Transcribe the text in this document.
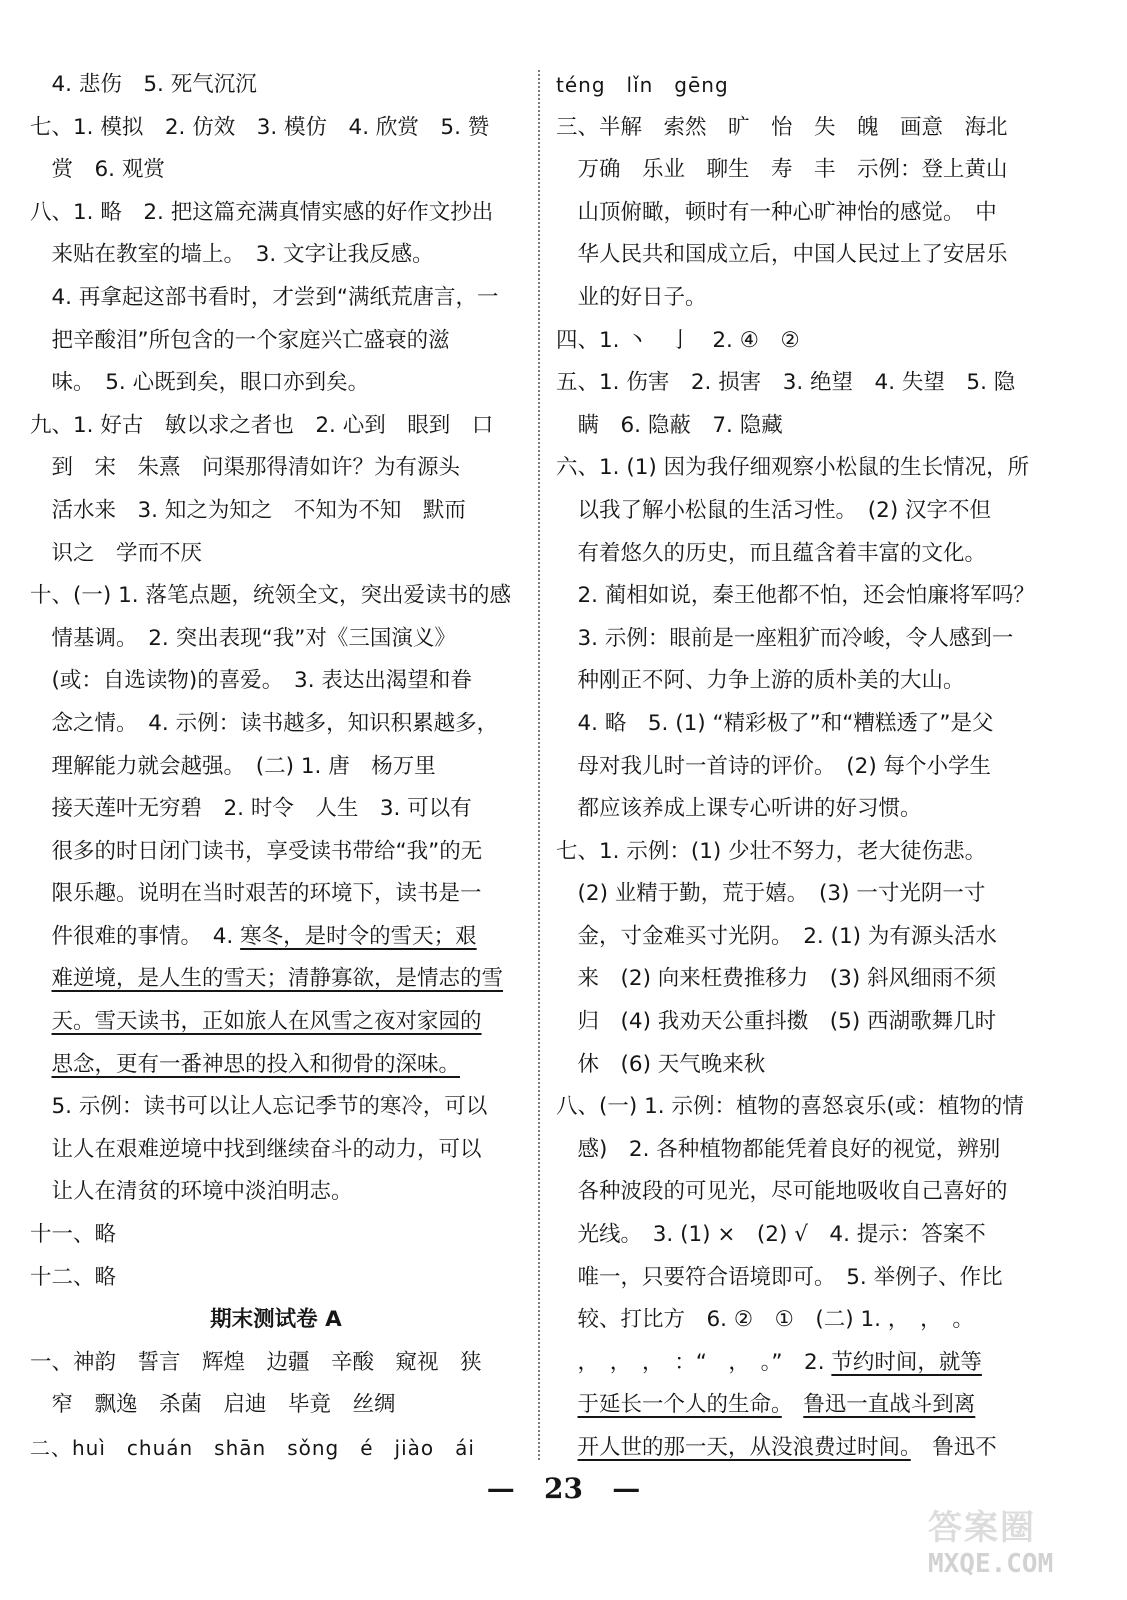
　4. 悲伤　5. 死气沉沉
七、1. 模拟　2. 仿效　3. 模仿　4. 欣赏　5. 赞
　赏　6. 观赏
八、1. 略　2. 把这篇充满真情实感的好作文抄出
　来贴在教室的墙上。　3. 文字让我反感。
　4. 再拿起这部书看时，才尝到“满纸荒唐言，一
　把辛酸泪”所包含的一个家庭兴亡盛衰的滋
　味。　5. 心既到矣，眼口亦到矣。
九、1. 好古　敏以求之者也　2. 心到　眼到　口
　到　宋　朱熹　问渠那得清如许？为有源头
　活水来　3. 知之为知之　不知为不知　默而
　识之　学而不厌
十、(一) 1. 落笔点题，统领全文，突出爱读书的感
　情基调。　2. 突出表现“我”对《三国演义》
　(或：自选读物)的喜爱。　3. 表达出渴望和眷
　念之情。　4. 示例：读书越多，知识积累越多，
　理解能力就会越强。　(二) 1. 唐　杨万里
　接天莲叶无穷碧　2. 时令　人生　3. 可以有
　很多的时日闭门读书，享受读书带给“我”的无
　限乐趣。说明在当时艰苦的环境下，读书是一
　件很难的事情。　4. 寒冬，是时令的雪天；艰
　难逆境，是人生的雪天；清静寡欲，是情志的雪
　天。雪天读书，正如旅人在风雪之夜对家园的
　思念，更有一番神思的投入和彻骨的深味。
　5. 示例：读书可以让人忘记季节的寒冷，可以
　让人在艰难逆境中找到继续奋斗的动力，可以
　让人在清贫的环境中淡泊明志。
十一、略
十二、略
期末测试卷 A
一、神韵　誓言　辉煌　边疆　辛酸　窥视　狭
　窄　飘逸　杀菌　启迪　毕竟　丝绸
二、huì　chuán　shān　sǒng　é　jiào　ái
téng　lǐn　gēng
三、半解　索然　旷　怡　失　魄　画意　海北
　万确　乐业　聊生　寿　丰　示例：登上黄山
　山顶俯瞰，顿时有一种心旷神怡的感觉。　中
　华人民共和国成立后，中国人民过上了安居乐
　业的好日子。
四、1. 丶　亅　2. ④　②
五、1. 伤害　2. 损害　3. 绝望　4. 失望　5. 隐
　瞒　6. 隐蔽　7. 隐藏
六、1. (1) 因为我仔细观察小松鼠的生长情况，所
　以我了解小松鼠的生活习性。　(2) 汉字不但
　有着悠久的历史，而且蕴含着丰富的文化。
　2. 蔺相如说，秦王他都不怕，还会怕廉将军吗？
　3. 示例：眼前是一座粗犷而冷峻，令人感到一
　种刚正不阿、力争上游的质朴美的大山。
　4. 略　5. (1) “精彩极了”和“糟糕透了”是父
　母对我儿时一首诗的评价。　(2) 每个小学生
　都应该养成上课专心听讲的好习惯。
七、1. 示例：(1) 少壮不努力，老大徒伤悲。
　(2) 业精于勤，荒于嬉。　(3) 一寸光阴一寸
　金，寸金难买寸光阴。　2. (1) 为有源头活水
　来　(2) 向来枉费推移力　(3) 斜风细雨不须
　归　(4) 我劝天公重抖擞　(5) 西湖歌舞几时
　休　(6) 天气晚来秋
八、(一) 1. 示例：植物的喜怒哀乐(或：植物的情
　感)　2. 各种植物都能凭着良好的视觉，辨别
　各种波段的可见光，尽可能地吸收自己喜好的
　光线。　3. (1) ×　(2) √　4. 提示：答案不
　唯一，只要符合语境即可。　5. 举例子、作比
　较、打比方　6. ②　①　(二) 1. ，　，　。
　，　，　，　：“　，　。”　2. 节约时间，就等
　于延长一个人的生命。　 鲁迅一直战斗到离
　开人世的那一天，从没浪费过时间。　鲁迅不
—   23   —
答案圈
MXQE.COM
